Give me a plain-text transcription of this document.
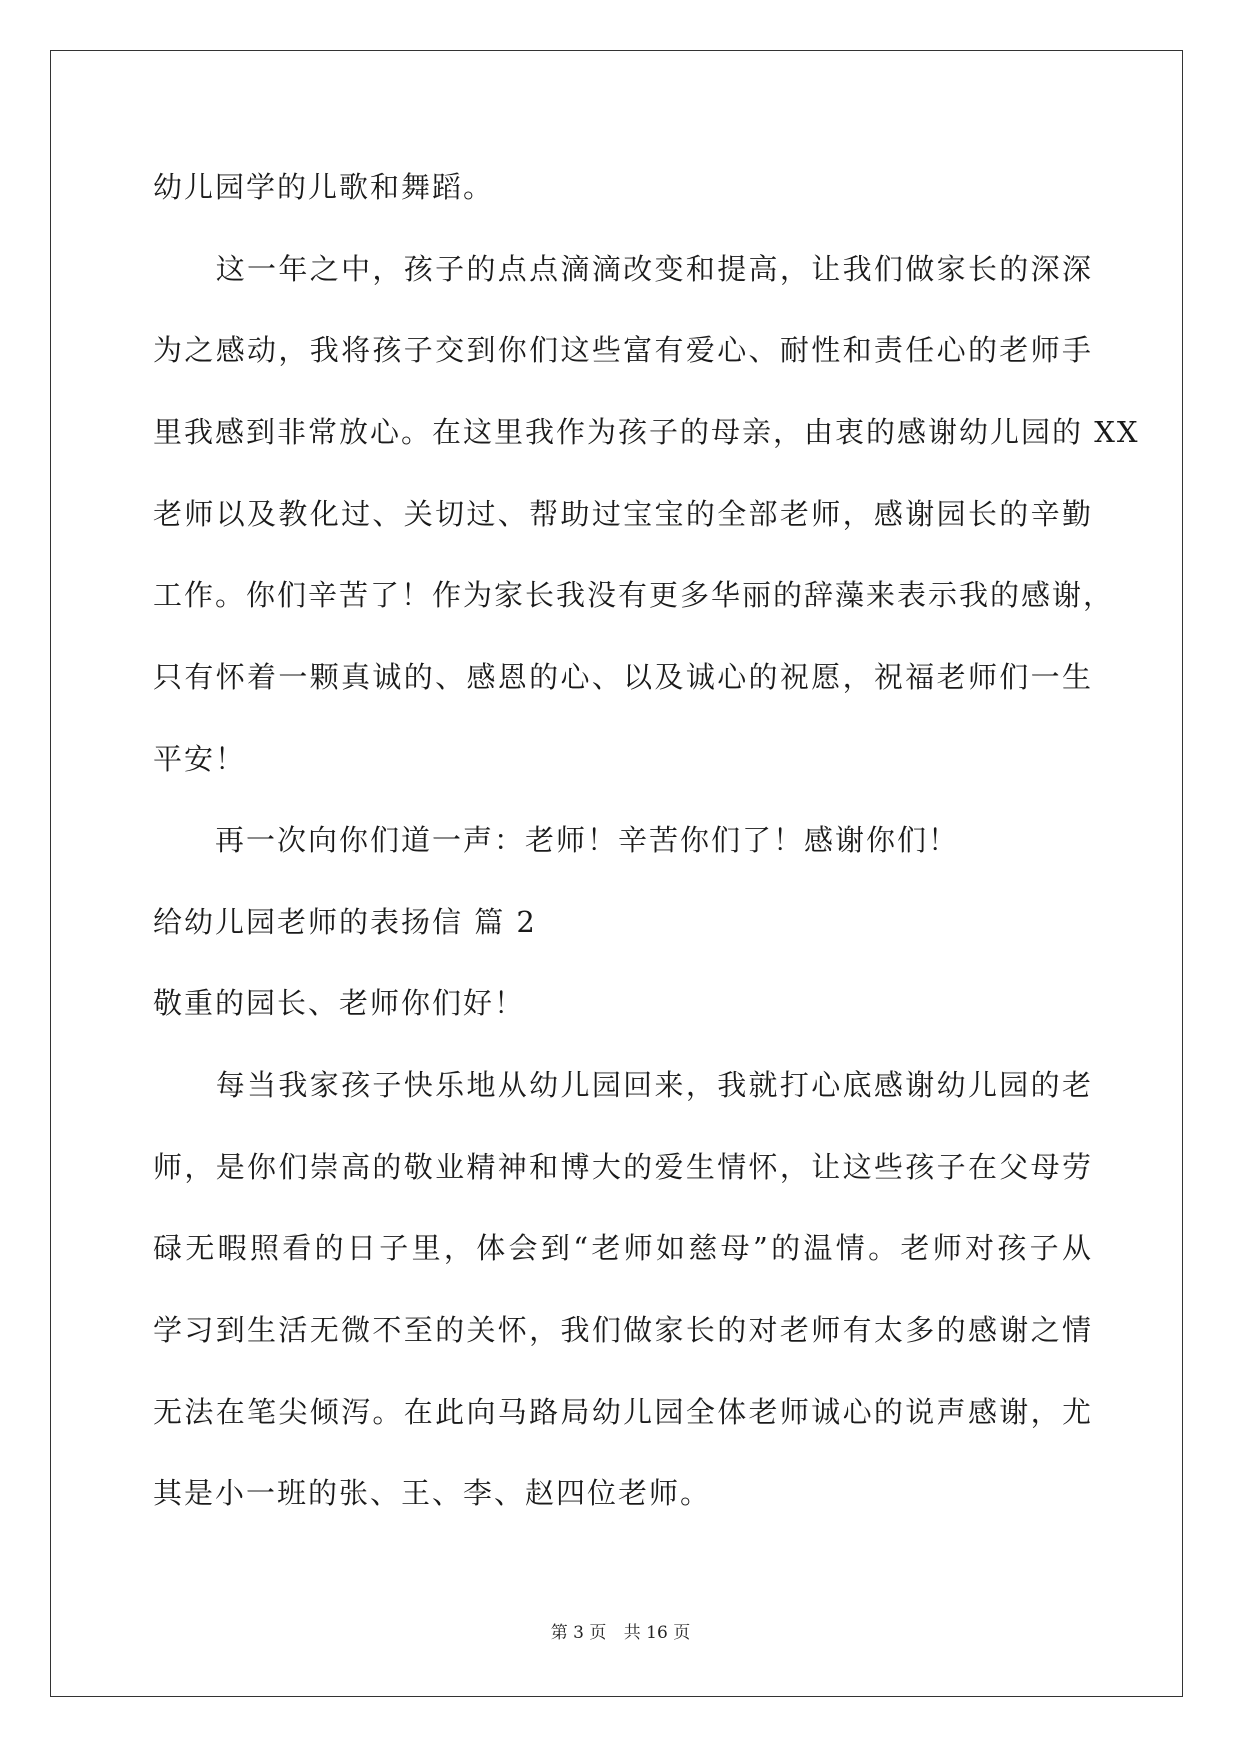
幼儿园学的儿歌和舞蹈。
　　这一年之中，孩子的点点滴滴改变和提高，让我们做家长的深深
为之感动，我将孩子交到你们这些富有爱心、耐性和责任心的老师手
里我感到非常放心。在这里我作为孩子的母亲，由衷的感谢幼儿园的 XX
老师以及教化过、关切过、帮助过宝宝的全部老师，感谢园长的辛勤
工作。你们辛苦了！作为家长我没有更多华丽的辞藻来表示我的感谢，
只有怀着一颗真诚的、感恩的心、以及诚心的祝愿，祝福老师们一生
平安！
　　再一次向你们道一声：老师！辛苦你们了！感谢你们！
给幼儿园老师的表扬信 篇 2
敬重的园长、老师你们好！
　　每当我家孩子快乐地从幼儿园回来，我就打心底感谢幼儿园的老
师，是你们崇高的敬业精神和博大的爱生情怀，让这些孩子在父母劳
碌无暇照看的日子里，体会到“老师如慈母”的温情。老师对孩子从
学习到生活无微不至的关怀，我们做家长的对老师有太多的感谢之情
无法在笔尖倾泻。在此向马路局幼儿园全体老师诚心的说声感谢，尤
其是小一班的张、王、李、赵四位老师。
第 3 页 共 16 页
